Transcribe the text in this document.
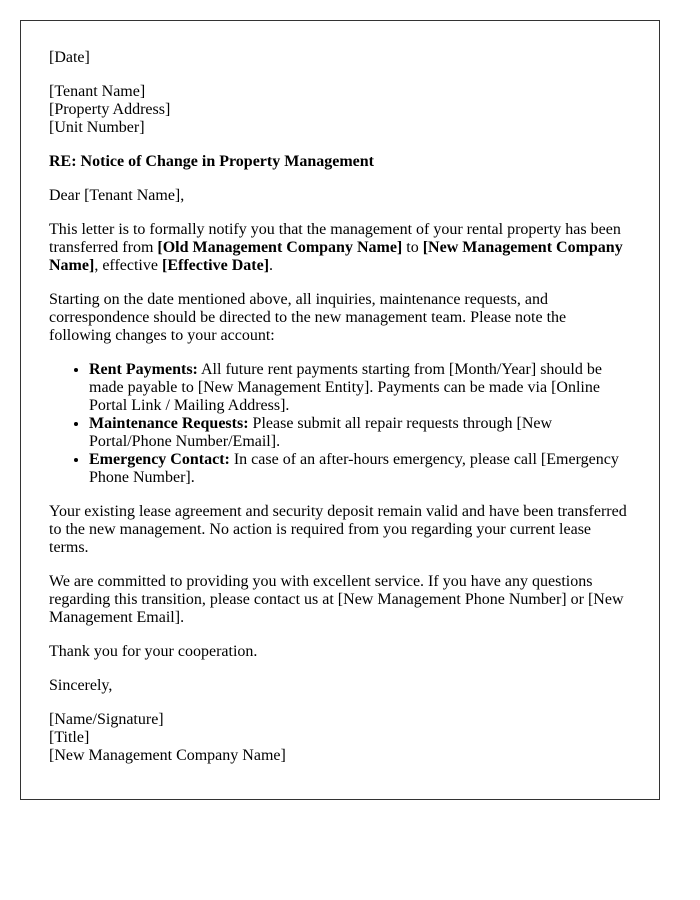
[Date]

[Tenant Name]

[Property Address]

[Unit Number]

RE: Notice of Change in Property Management

Dear [Tenant Name],

This letter is to formally notify you that the management of your rental property has been transferred from [Old Management Company Name] to [New Management Company Name], effective [Effective Date].

Starting on the date mentioned above, all inquiries, maintenance requests, and correspondence should be directed to the new management team. Please note the following changes to your account:

• Rent Payments: All future rent payments starting from [Month/Year] should be made payable to [New Management Entity]. Payments can be made via [Online Portal Link / Mailing Address].
• Maintenance Requests: Please submit all repair requests through [New Portal/Phone Number/Email].
• Emergency Contact: In case of an after-hours emergency, please call [Emergency Phone Number].

Your existing lease agreement and security deposit remain valid and have been transferred to the new management. No action is required from you regarding your current lease terms.

We are committed to providing you with excellent service. If you have any questions regarding this transition, please contact us at [New Management Phone Number] or [New Management Email].

Thank you for your cooperation.

Sincerely,

[Name/Signature]

[Title]

[New Management Company Name]
